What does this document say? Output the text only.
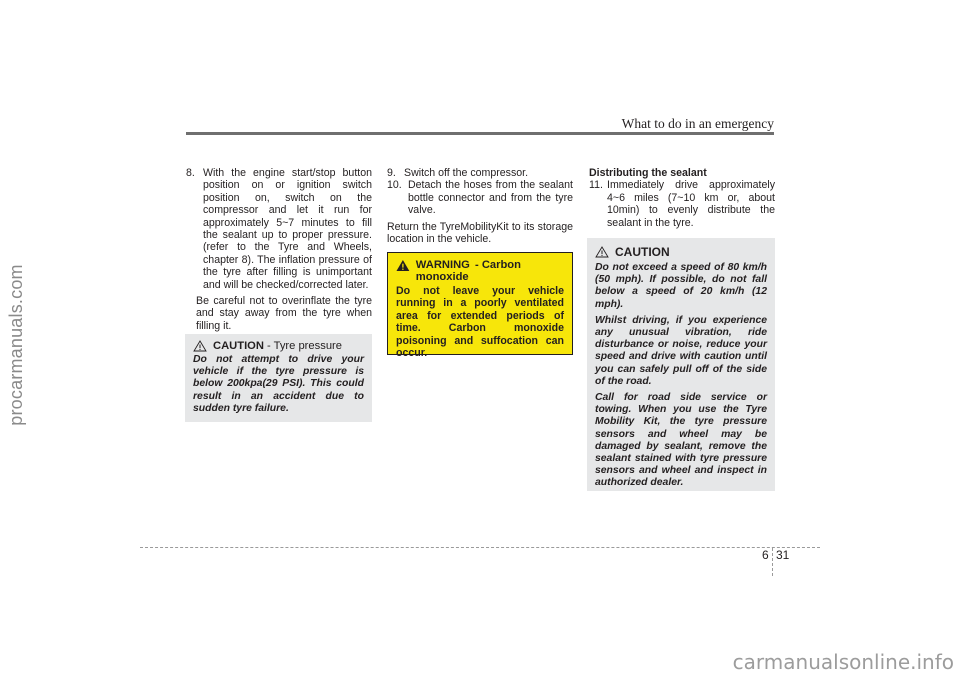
What to do in an emergency
procarmanuals.com

8. With the engine start/stop button position on or ignition switch position on, switch on the compressor and let it run for approximately 5~7 minutes to fill the sealant up to proper pressure. (refer to the Tyre and Wheels, chapter 8). The inflation pressure of the tyre after filling is unimportant and will be checked/corrected later.

Be careful not to overinflate the tyre and stay away from the tyre when filling it.

CAUTION - Tyre pressure
Do not attempt to drive your vehicle if the tyre pressure is below 200kpa(29 PSI). This could result in an accident due to sudden tyre failure.

9. Switch off the compressor.

10. Detach the hoses from the sealant bottle connector and from the tyre valve.

Return the TyreMobilityKit to its storage location in the vehicle.

WARNING - Carbon monoxide
Do not leave your vehicle running in a poorly ventilated area for extended periods of time. Carbon monoxide poisoning and suffocation can occur.

Distributing the sealant

11. Immediately drive approximately 4~6 miles (7~10 km or, about 10min) to evenly distribute the sealant in the tyre.

CAUTION

Do not exceed a speed of 80 km/h (50 mph). If possible, do not fall below a speed of 20 km/h (12 mph).

Whilst driving, if you experience any unusual vibration, ride disturbance or noise, reduce your speed and drive with caution until you can safely pull off of the side of the road.

Call for road side service or towing. When you use the Tyre Mobility Kit, the tyre pressure sensors and wheel may be damaged by sealant, remove the sealant stained with tyre pressure sensors and wheel and inspect in authorized dealer.

6 31
carmanualsonline.info
